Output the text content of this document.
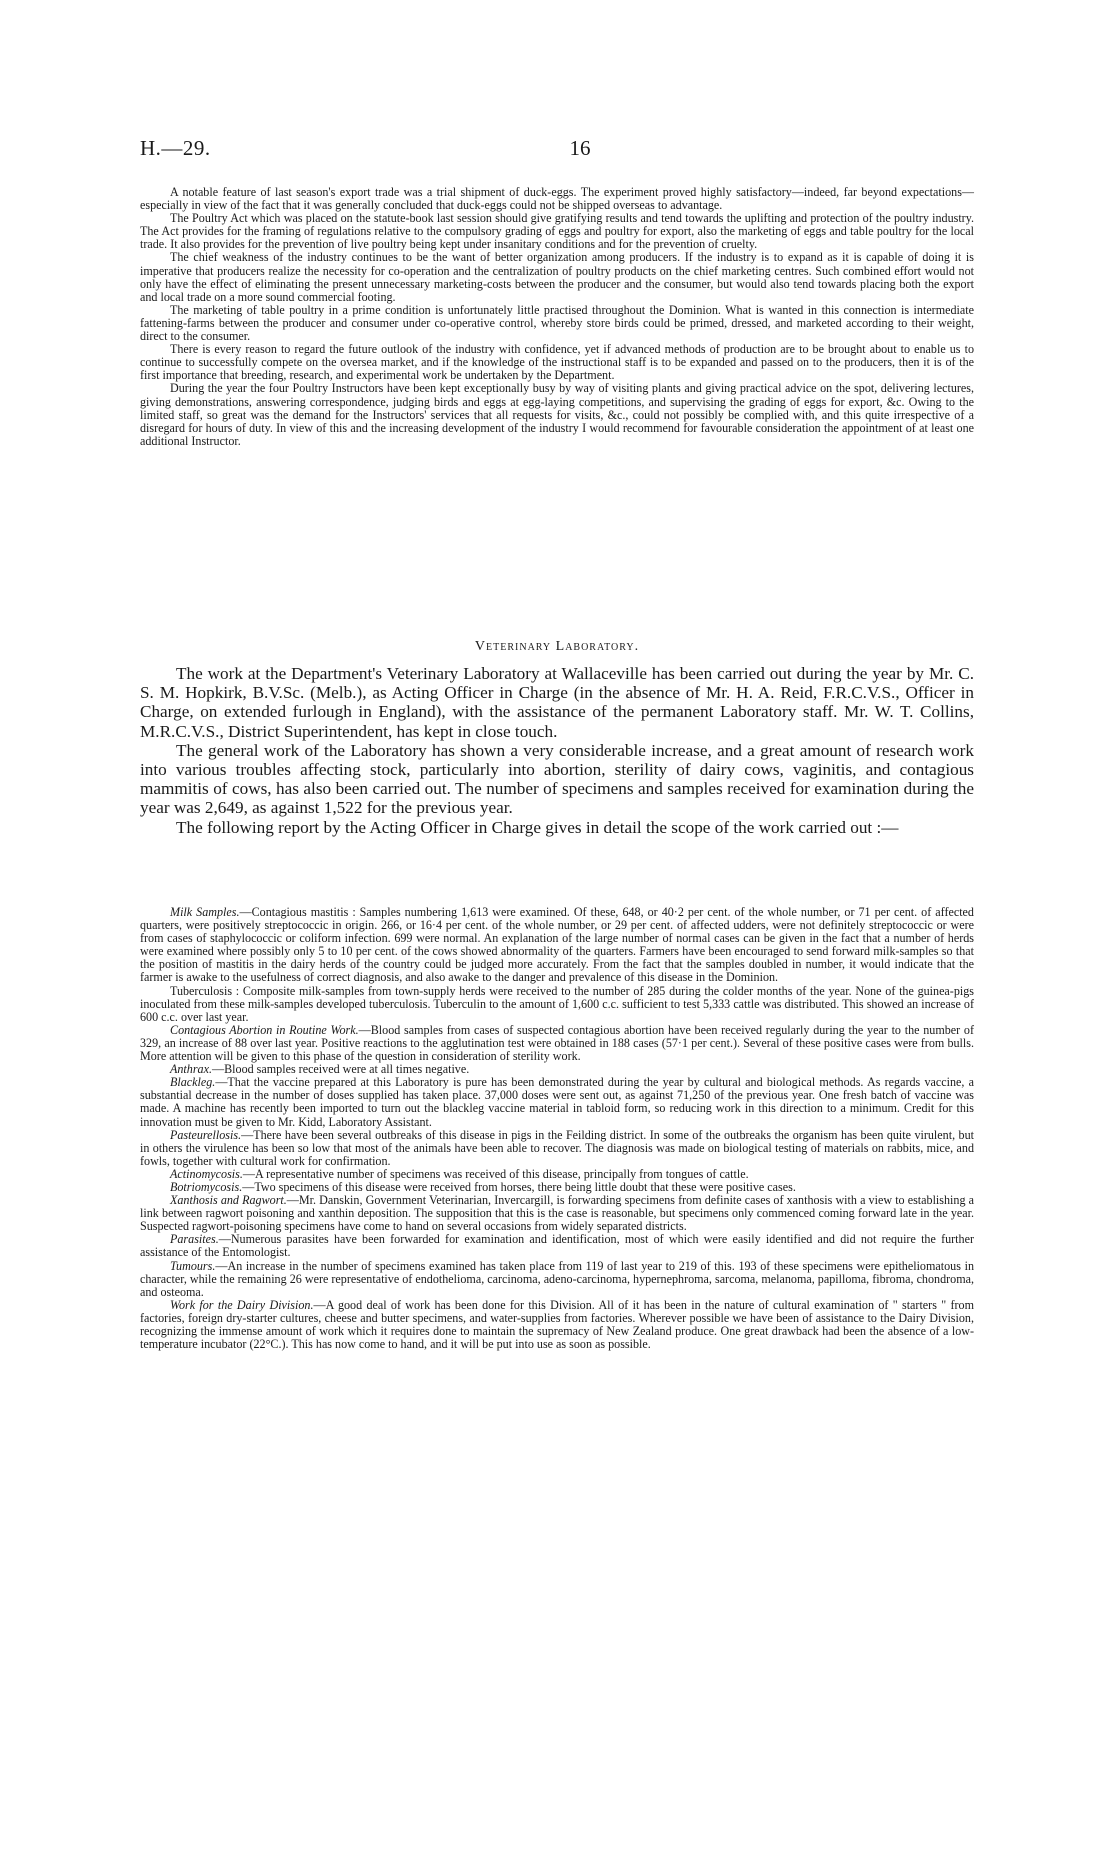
H.—29.	16

A notable feature of last season's export trade was a trial shipment of duck-eggs. The experiment proved highly satisfactory—indeed, far beyond expectations—especially in view of the fact that it was generally concluded that duck-eggs could not be shipped overseas to advantage.

The Poultry Act which was placed on the statute-book last session should give gratifying results and tend towards the uplifting and protection of the poultry industry. The Act provides for the framing of regulations relative to the compulsory grading of eggs and poultry for export, also the marketing of eggs and table poultry for the local trade. It also provides for the prevention of live poultry being kept under insanitary conditions and for the prevention of cruelty.

The chief weakness of the industry continues to be the want of better organization among producers. If the industry is to expand as it is capable of doing it is imperative that producers realize the necessity for co-operation and the centralization of poultry products on the chief marketing centres. Such combined effort would not only have the effect of eliminating the present unnecessary marketing-costs between the producer and the consumer, but would also tend towards placing both the export and local trade on a more sound commercial footing.

The marketing of table poultry in a prime condition is unfortunately little practised throughout the Dominion. What is wanted in this connection is intermediate fattening-farms between the producer and consumer under co-operative control, whereby store birds could be primed, dressed, and marketed according to their weight, direct to the consumer.

There is every reason to regard the future outlook of the industry with confidence, yet if advanced methods of production are to be brought about to enable us to continue to successfully compete on the oversea market, and if the knowledge of the instructional staff is to be expanded and passed on to the producers, then it is of the first importance that breeding, research, and experimental work be undertaken by the Department.

During the year the four Poultry Instructors have been kept exceptionally busy by way of visiting plants and giving practical advice on the spot, delivering lectures, giving demonstrations, answering correspondence, judging birds and eggs at egg-laying competitions, and supervising the grading of eggs for export, &c. Owing to the limited staff, so great was the demand for the Instructors' services that all requests for visits, &c., could not possibly be complied with, and this quite irrespective of a disregard for hours of duty. In view of this and the increasing development of the industry I would recommend for favourable consideration the appointment of at least one additional Instructor.

Veterinary Laboratory.

The work at the Department's Veterinary Laboratory at Wallaceville has been carried out during the year by Mr. C. S. M. Hopkirk, B.V.Sc. (Melb.), as Acting Officer in Charge (in the absence of Mr. H. A. Reid, F.R.C.V.S., Officer in Charge, on extended furlough in England), with the assistance of the permanent Laboratory staff. Mr. W. T. Collins, M.R.C.V.S., District Superintendent, has kept in close touch.

The general work of the Laboratory has shown a very considerable increase, and a great amount of research work into various troubles affecting stock, particularly into abortion, sterility of dairy cows, vaginitis, and contagious mammitis of cows, has also been carried out. The number of specimens and samples received for examination during the year was 2,649, as against 1,522 for the previous year.

The following report by the Acting Officer in Charge gives in detail the scope of the work carried out :—

Milk Samples.—Contagious mastitis : Samples numbering 1,613 were examined. Of these, 648, or 40·2 per cent. of the whole number, or 71 per cent. of affected quarters, were positively streptococcic in origin. 266, or 16·4 per cent. of the whole number, or 29 per cent. of affected udders, were not definitely streptococcic or were from cases of staphylococcic or coliform infection. 699 were normal. An explanation of the large number of normal cases can be given in the fact that a number of herds were examined where possibly only 5 to 10 per cent. of the cows showed abnormality of the quarters. Farmers have been encouraged to send forward milk-samples so that the position of mastitis in the dairy herds of the country could be judged more accurately. From the fact that the samples doubled in number, it would indicate that the farmer is awake to the usefulness of correct diagnosis, and also awake to the danger and prevalence of this disease in the Dominion.

Tuberculosis : Composite milk-samples from town-supply herds were received to the number of 285 during the colder months of the year. None of the guinea-pigs inoculated from these milk-samples developed tuberculosis. Tuberculin to the amount of 1,600 c.c. sufficient to test 5,333 cattle was distributed. This showed an increase of 600 c.c. over last year.

Contagious Abortion in Routine Work.—Blood samples from cases of suspected contagious abortion have been received regularly during the year to the number of 329, an increase of 88 over last year. Positive reactions to the agglutination test were obtained in 188 cases (57·1 per cent.). Several of these positive cases were from bulls. More attention will be given to this phase of the question in consideration of sterility work.

Anthrax.—Blood samples received were at all times negative.

Blackleg.—That the vaccine prepared at this Laboratory is pure has been demonstrated during the year by cultural and biological methods. As regards vaccine, a substantial decrease in the number of doses supplied has taken place. 37,000 doses were sent out, as against 71,250 of the previous year. One fresh batch of vaccine was made. A machine has recently been imported to turn out the blackleg vaccine material in tabloid form, so reducing work in this direction to a minimum. Credit for this innovation must be given to Mr. Kidd, Laboratory Assistant.

Pasteurellosis.—There have been several outbreaks of this disease in pigs in the Feilding district. In some of the outbreaks the organism has been quite virulent, but in others the virulence has been so low that most of the animals have been able to recover. The diagnosis was made on biological testing of materials on rabbits, mice, and fowls, together with cultural work for confirmation.

Actinomycosis.—A representative number of specimens was received of this disease, principally from tongues of cattle.

Botriomycosis.—Two specimens of this disease were received from horses, there being little doubt that these were positive cases.

Xanthosis and Ragwort.—Mr. Danskin, Government Veterinarian, Invercargill, is forwarding specimens from definite cases of xanthosis with a view to establishing a link between ragwort poisoning and xanthin deposition. The supposition that this is the case is reasonable, but specimens only commenced coming forward late in the year. Suspected ragwort-poisoning specimens have come to hand on several occasions from widely separated districts.

Parasites.—Numerous parasites have been forwarded for examination and identification, most of which were easily identified and did not require the further assistance of the Entomologist.

Tumours.—An increase in the number of specimens examined has taken place from 119 of last year to 219 of this. 193 of these specimens were epitheliomatous in character, while the remaining 26 were representative of endothelioma, carcinoma, adeno-carcinoma, hypernephroma, sarcoma, melanoma, papilloma, fibroma, chondroma, and osteoma.

Work for the Dairy Division.—A good deal of work has been done for this Division. All of it has been in the nature of cultural examination of " starters " from factories, foreign dry-starter cultures, cheese and butter specimens, and water-supplies from factories. Wherever possible we have been of assistance to the Dairy Division, recognizing the immense amount of work which it requires done to maintain the supremacy of New Zealand produce. One great drawback had been the absence of a low-temperature incubator (22°C.). This has now come to hand, and it will be put into use as soon as possible.
